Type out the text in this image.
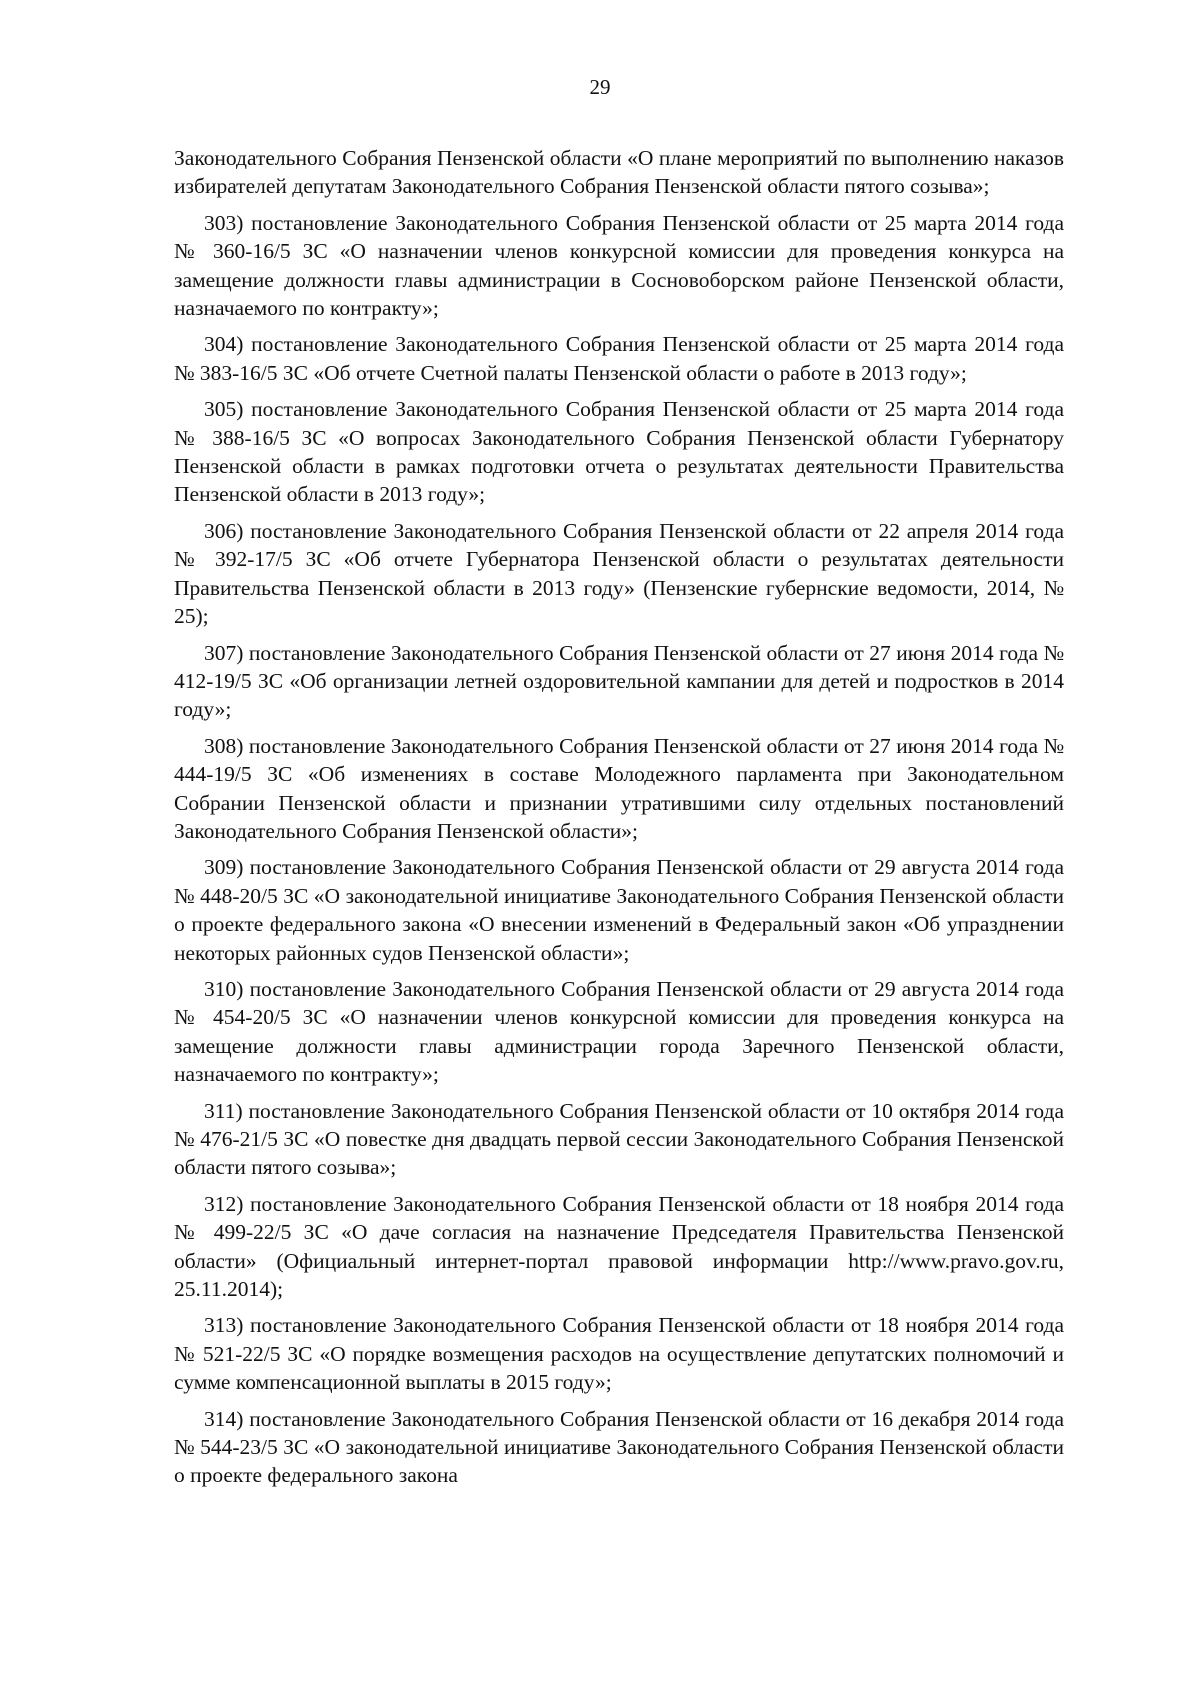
29

Законодательного Собрания Пензенской области «О плане мероприятий по выполнению наказов избирателей депутатам Законодательного Собрания Пензенской области пятого созыва»;

303) постановление Законодательного Собрания Пензенской области от 25 марта 2014 года № 360-16/5 ЗС «О назначении членов конкурсной комиссии для проведения конкурса на замещение должности главы администрации в Сосновоборском районе Пензенской области, назначаемого по контракту»;

304) постановление Законодательного Собрания Пензенской области от 25 марта 2014 года № 383-16/5 ЗС «Об отчете Счетной палаты Пензенской области о работе в 2013 году»;

305) постановление Законодательного Собрания Пензенской области от 25 марта 2014 года № 388-16/5 ЗС «О вопросах Законодательного Собрания Пензенской области Губернатору Пензенской области в рамках подготовки отчета о результатах деятельности Правительства Пензенской области в 2013 году»;

306) постановление Законодательного Собрания Пензенской области от 22 апреля 2014 года № 392-17/5 ЗС «Об отчете Губернатора Пензенской области о результатах деятельности Правительства Пензенской области в 2013 году» (Пензенские губернские ведомости, 2014, № 25);

307) постановление Законодательного Собрания Пензенской области от 27 июня 2014 года № 412-19/5 ЗС «Об организации летней оздоровительной кампании для детей и подростков в 2014 году»;

308) постановление Законодательного Собрания Пензенской области от 27 июня 2014 года № 444-19/5 ЗС «Об изменениях в составе Молодежного парламента при Законодательном Собрании Пензенской области и признании утратившими силу отдельных постановлений Законодательного Собрания Пензенской области»;

309) постановление Законодательного Собрания Пензенской области от 29 августа 2014 года № 448-20/5 ЗС «О законодательной инициативе Законодательного Собрания Пензенской области о проекте федерального закона «О внесении изменений в Федеральный закон «Об упразднении некоторых районных судов Пензенской области»;

310) постановление Законодательного Собрания Пензенской области от 29 августа 2014 года № 454-20/5 ЗС «О назначении членов конкурсной комиссии для проведения конкурса на замещение должности главы администрации города Заречного Пензенской области, назначаемого по контракту»;

311) постановление Законодательного Собрания Пензенской области от 10 октября 2014 года № 476-21/5 ЗС «О повестке дня двадцать первой сессии Законодательного Собрания Пензенской области пятого созыва»;

312) постановление Законодательного Собрания Пензенской области от 18 ноября 2014 года № 499-22/5 ЗС «О даче согласия на назначение Председателя Правительства Пензенской области» (Официальный интернет-портал правовой информации http://www.pravo.gov.ru, 25.11.2014);

313) постановление Законодательного Собрания Пензенской области от 18 ноября 2014 года № 521-22/5 ЗС «О порядке возмещения расходов на осуществление депутатских полномочий и сумме компенсационной выплаты в 2015 году»;

314) постановление Законодательного Собрания Пензенской области от 16 декабря 2014 года № 544-23/5 ЗС «О законодательной инициативе Законодательного Собрания Пензенской области о проекте федерального закона
